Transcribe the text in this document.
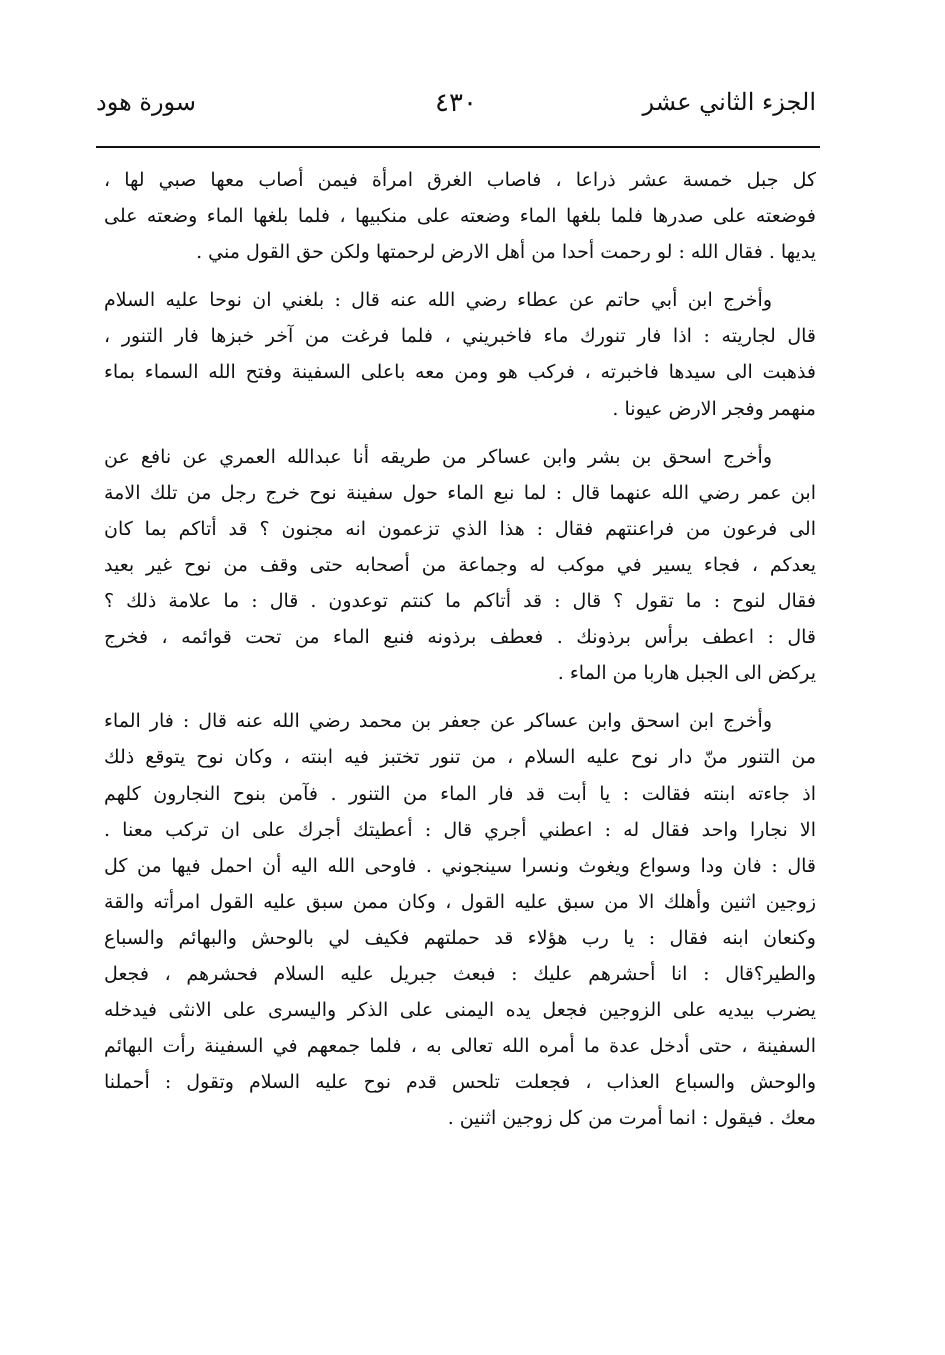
الجزء الثاني عشر
٤٣٠
سورة هود
كل جبل خمسة عشر ذراعا ، فاصاب الغرق امرأة فيمن أصاب معها صبي لها ،
فوضعته على صدرها فلما بلغها الماء وضعته على منكبيها ، فلما بلغها الماء وضعته على
يديها . فقال الله : لو رحمت أحدا من أهل الارض لرحمتها ولكن حق القول مني .
وأخرج ابن أبي حاتم عن عطاء رضي الله عنه قال : بلغني ان نوحا عليه السلام
قال لجاريته : اذا فار تنورك ماء فاخبريني ، فلما فرغت من آخر خبزها فار التنور ،
فذهبت الى سيدها فاخبرته ، فركب هو ومن معه باعلى السفينة وفتح الله السماء بماء
منهمر وفجر الارض عيونا .
وأخرج اسحق بن بشر وابن عساكر من طريقه أنا عبدالله العمري عن نافع عن
ابن عمر رضي الله عنهما قال : لما نبع الماء حول سفينة نوح خرج رجل من تلك الامة
الى فرعون من فراعنتهم فقال : هذا الذي تزعمون انه مجنون ؟ قد أتاكم بما كان
يعدكم ، فجاء يسير في موكب له وجماعة من أصحابه حتى وقف من نوح غير بعيد
فقال لنوح : ما تقول ؟ قال : قد أتاكم ما كنتم توعدون . قال : ما علامة ذلك ؟
قال : اعطف برأس برذونك . فعطف برذونه فنبع الماء من تحت قوائمه ، فخرج
يركض الى الجبل هاربا من الماء .
وأخرج ابن اسحق وابن عساكر عن جعفر بن محمد رضي الله عنه قال : فار الماء
من التنور منّ دار نوح عليه السلام ، من تنور تختبز فيه ابنته ، وكان نوح يتوقع ذلك
اذ جاءته ابنته فقالت : يا أبت قد فار الماء من التنور . فآمن بنوح النجارون كلهم
الا نجارا واحد فقال له : اعطني أجري قال : أعطيتك أجرك على ان تركب معنا .
قال : فان ودا وسواع ويغوث ونسرا سينجوني . فاوحى الله اليه أن احمل فيها من كل
زوجين اثنين وأهلك الا من سبق عليه القول ، وكان ممن سبق عليه القول امرأته والقة
وكنعان ابنه فقال : يا رب هؤلاء قد حملتهم فكيف لي بالوحش والبهائم والسباع
والطير؟قال : انا أحشرهم عليك : فبعث جبريل عليه السلام فحشرهم ، فجعل
يضرب بيديه على الزوجين فجعل يده اليمنى على الذكر واليسرى على الانثى فيدخله
السفينة ، حتى أدخل عدة ما أمره الله تعالى به ، فلما جمعهم في السفينة رأت البهائم
والوحش والسباع العذاب ، فجعلت تلحس قدم نوح عليه السلام وتقول : أحملنا
معك . فيقول : انما أمرت من كل زوجين اثنين .
